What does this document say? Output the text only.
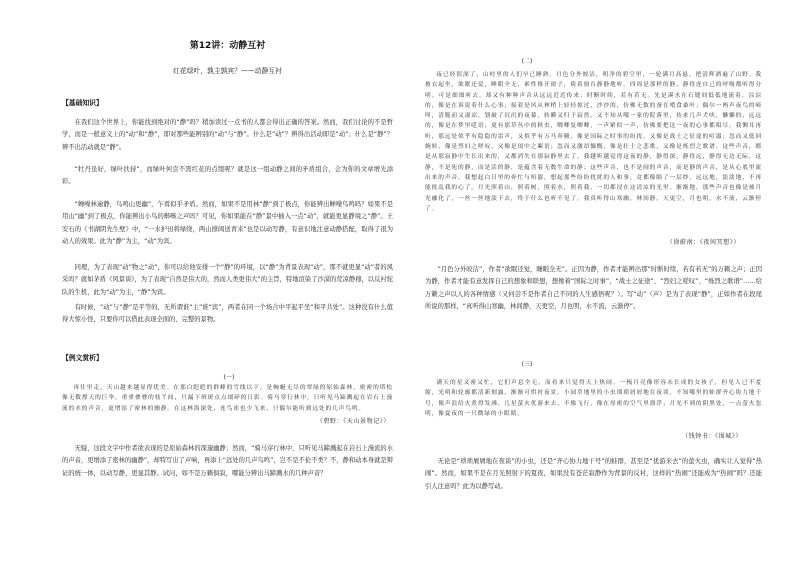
第12讲：动静互衬
红花绿叶，孰主孰宾？——动静互衬
【基础知识】

在我们这个世界上，你能找到绝对的“静”吗？稍加读过一点书的人都会得出正确的答案。然而，我们讨论的不是哲学，而是一般意义上的“动”和“静”，即对那些能辨别的“动”与“静”。什么是“动”？辨得出活动即是“动”；什么是“静”？辨不出活动就是“静”。

“牡丹虽好，绿叶扶持”，而绿叶何尝不需红花的点缀呢？就是这一组动静之间的矛盾组合，会为你的文章增光添彩。

“蝉噪林逾静，鸟鸣山更幽”，乍看似乎矛盾。然而，如果不是用林“静”到了极点，你能辨出蝉噪鸟鸣吗？如果不是用山“幽”到了极点，你能辨出小鸟的啭啭之声吗？可见，你如果能在“静”景中插入一点“动”，就能更显静境之“静”。王安石的《书湖阴先生壁》中，“一水护田将绿绕，两山排闼送青来”也是以动写静，有意识地注意动静搭配，取得了很为动人的效果。此为“静”为主，“动”为宾。

同理，为了表现“动”物之“动”，你可以给他安排一个“静”的环境，以“静”为背景表现“动”，那不就更显“动”者的风采吗？就如茅盾《风景谈》，为了表现“自然是伟大的，然而人类更伟大”的主旨，特地渲染了沙漠的荒凉静穆，以反衬驼队的生机，此为“动”为主，“静”为宾。

有时候，“动”与“静”是平等的，无所谓谁“主”谁“宾”，两者在同一个场合中平起平坐“和平共处”。这种没有什么值得大惊小怪，只要你可以借此表现全面的、完整的景物。

【例文赏析】
(一)

再往里走，天山越来越显得优美。在那白皑皑的群峰的雪线以下，是蜿蜒无尽的翠绿的原始森林，密密的塔松像无数撑天的巨伞，重重叠叠的枝丫间，只漏下斑斑点点细碎的日影。骑马穿行林中，只听见马蹄溅起在岩石上漫流的水的声音，更增添了密林的幽静。在这林海深处，连鸟雀也少飞来，只偶尔能听到远处的几声鸟鸣。

（碧野：《天山景物记》）

无疑，这段文字中作者欲表现的是原始森林的深邃幽静；然而，“骑马穿行林中，只听见马蹄溅起在岩石上漫流的水的声音，更增添了密林的幽静”，却特写出了声响，再添上“远处的几声鸟鸣”，岂不是不伦不类？不，静和动本身就是辩证的统一体，以动写静，更显其静。试问，如不是万籁俱寂，哪能分辨出马蹄溅水的几种声音？

(二)

夜已经很深了，山村里的人们早已睡熟。月色分外皎洁，明净的碧空里，一轮满月高悬，把清辉洒遍了山野。我披衣起坐，欲眠还觉，睡眼全无，索性推开窗子，倚着窗台静静地听。四周是那样的静，静得连自己的呼吸都听得分明。可是细细听去，却又有种种声音从远远近近传来：时断时续，若有若无。先是溪水在石缝间低低地流着，淙淙的，像是在诉说着什么心事；接着是风从林梢上轻轻掠过，沙沙的，仿佛无数的蚕在啃食桑叶；偶尔一两声夜鸟的啼叫，清脆而又凄凉，划破了沉沉的夜幕，转瞬又归于寂然。又不知从哪一家的院落里，传来几声犬吠，懒懒的，远远的，像是在梦里呓语；更有那草丛中的秋虫，唧唧复唧唧，一声紧似一声，仿佛要把这一夜的心事都唱尽。我侧耳再听，那远处似乎有隐隐的雷声，又似乎有万马奔腾，像是国际之时事的纷扰，又像是战士之征途的喧嚣；忽而又低回婉转，像是烈妇之嗟叹，又像是闺中之絮语；忽而又激昂慷慨，像是壮士之悲歌，又像是烁烈之歌谱。这些声音，都是从那寂静中生长出来的，又都消失在那寂静里去了。我越听越觉得这夜的静，静得深，静得远，静得无边无际。这静，不是死的静，而是活的静，是蕴含着无数生命的静；这些声音，也不是闹的声音，而是静的声音，是从心底里流出来的声音。我想起白日里的奔忙与喧嚣，想起那些纷纷扰扰的人和事，竟都像隔了一层纱，远远地，淡淡地，不再能扰乱我的心了。月光照着山，照着树，照着水，照着我，一切都浸在这清凉的光里。渐渐地，那些声音也像是被月光融化了，一丝一丝地淡下去，终于什么也听不见了。我真听得山寒幽，林间静，天更空，月也明，水不流，云渐停了。

（徐蔚南：《夜间冥想》）

“月色分外皎洁”，作者“欲眠还觉，睡眼全无”。正因为静，作者才能辨出那“时断时续，若有若无”的万籁之声；正因为静，作者才能有意发挥自己的想象和联想，想像着“国际之时事”、“战士之征途”、“烈妇之嗟叹”、“烁烈之歌谱”……给万籁之声以人的各种情感（又何尝不是作者自己不同的人生感悟呢？）。写“动”（声）是为了表现“静”，正如作者在段尾所说的那样，“真听得山寒幽，林间静，天更空，月也明，水不流，云渐停”。

(三)

满天的星又密又忙，它们声息全无，而看来只觉得天上热闹。一梳月亮像形容未长成的女孩子，但见人已不羞缩，光明和轮廓都清新刻露，渐渐可烘衬夜景。小园草地里的小虫琐琐屑屑地在夜谈。不知哪里的蛙群齐心协力地干号，像声浪给火煮得发沸。几星萤火优游来去，不像飞行，像在厚密的空气里漂浮；月光不到的阴黑处，一点萤火忽明，像夏夜的一只微绿的小眼睛。

（钱钟书：《围城》）

无论是“琐琐屑屑地在夜谈”的小虫，还是“齐心协力地干号”的蛙群，甚至是“优游来去”的萤火虫，确实让人觉得“热闹”。然而，如果不是在月光照射下的夏夜，如果没有苍茫寂静作为背景的反衬，这样的“热闹”还能成为“热闹”吗？还能引人注意吗？此为以静写动。
